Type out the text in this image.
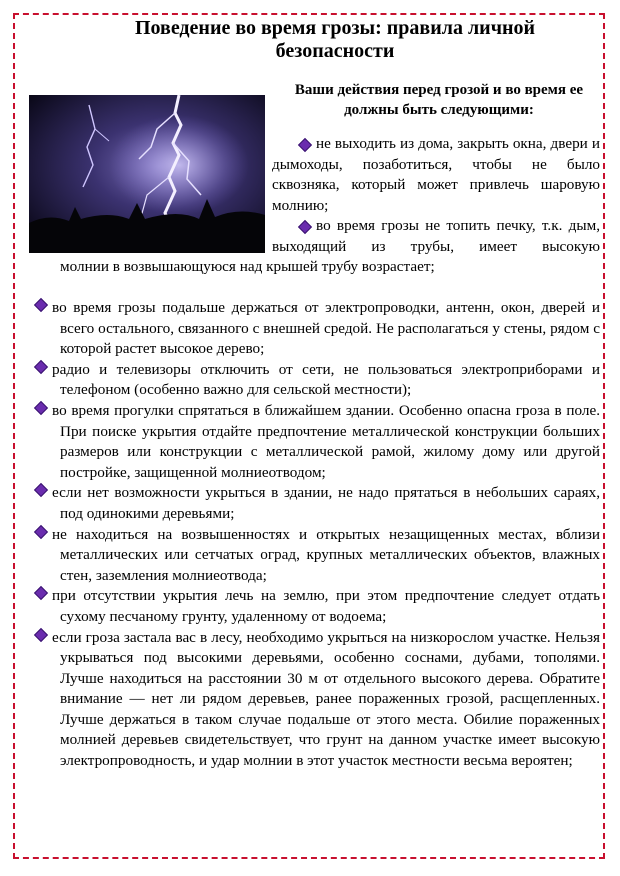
Поведение во время грозы: правила личной безопасности
Ваши действия перед грозой и во время ее должны быть следующими:
не выходить из дома, закрыть окна, двери и дымоходы, позаботиться, чтобы не было сквозняка, который может привлечь шаровую молнию;
во время грозы не топить печку, т.к. дым, выходящий из трубы, имеет высокую
молнии в возвышающуюся над крышей трубу возрастает;
во время грозы подальше держаться от электропроводки, антенн, окон, дверей и всего остального, связанного с внешней средой. Не располагаться у стены, рядом с которой растет высокое дерево;
радио и телевизоры отключить от сети, не пользоваться электроприборами и телефоном (особенно важно для сельской местности);
во время прогулки спрятаться в ближайшем здании. Особенно опасна гроза в поле. При поиске укрытия отдайте предпочтение металлической конструкции больших размеров или конструкции с металлической рамой, жилому дому или другой постройке, защищенной молниеотводом;
если нет возможности укрыться в здании, не надо прятаться в небольших сараях, под одинокими деревьями;
не находиться на возвышенностях и открытых незащищенных местах, вблизи металлических или сетчатых оград, крупных металлических объектов, влажных стен, заземления молниеотвода;
при отсутствии укрытия лечь на землю, при этом предпочтение следует отдать сухому песчаному грунту, удаленному от водоема;
если гроза застала вас в лесу, необходимо укрыться на низкорослом участке. Нельзя укрываться под высокими деревьями, особенно соснами, дубами, тополями. Лучше находиться на расстоянии 30 м от отдельного высокого дерева. Обратите внимание — нет ли рядом деревьев, ранее пораженных грозой, расщепленных. Лучше держаться в таком случае подальше от этого места. Обилие пораженных молнией деревьев свидетельствует, что грунт на данном участке имеет высокую электропроводность, и удар молнии в этот участок местности весьма вероятен;
